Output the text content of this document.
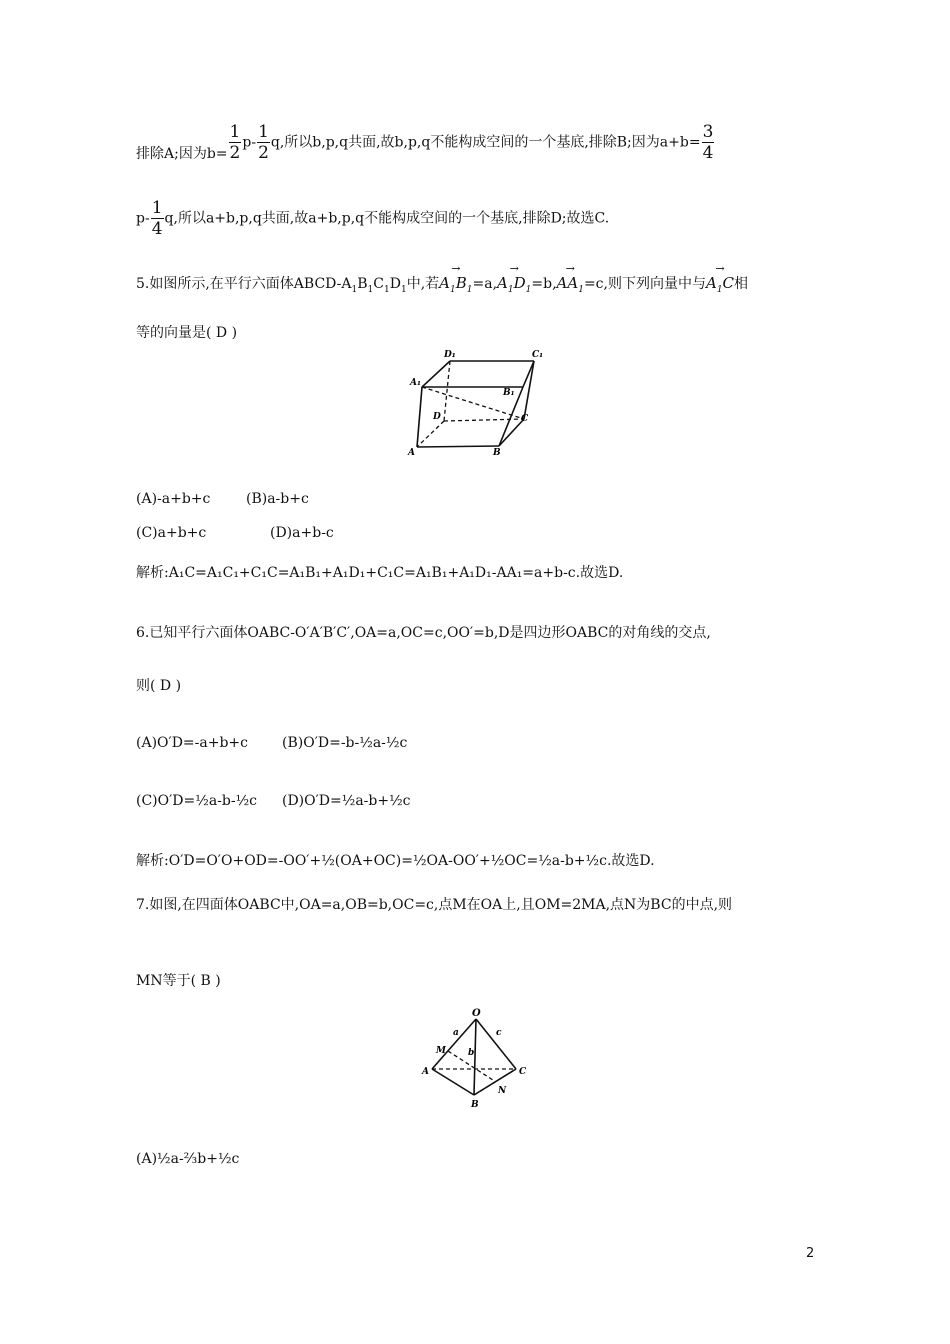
排除A;因为$b= \frac{1}{2} p- \frac{1}{2} q$,所以b,p,q共面,故b,p,q不能构成空间的一个基底,排除B;因为$a+b= \frac{3}{4}$
$p- \frac{1}{4} q$,所以a+b,p,q共面,故a+b,p,q不能构成空间的一个基底,排除D;故选C.
5.如图所示,在平行六面体ABCD-$A_1B_1C_1D_1$中,若→ $A_1B_1=a,\to A_1D_1=b,\to AA_1=c$,则下列向量中与→ $A_1C$相
等的向量是( D )
D₁	C₁
A₁
B₁
D	C
A	B
(A)-a+b+c	(B)a-b+c
(C)a+b+c	(D)a+b-c
解析:A₁C=A₁C₁+C₁C=A₁B₁+A₁D₁+C₁C=A₁B₁+A₁D₁-AA₁=a+b-c.故选D.
6.已知平行六面体OABC-O′A′B′C′,OA=a,OC=c,OO′=b,D是四边形OABC的对角线的交点,
则( D )
(A)O′D=-a+b+c (B)O′D=-b-½a-½c
(C)O′D=½a-b-½c (D)O′D=½a-b+½c
解析:O′D=O′O+OD=-OO′+½(OA+OC)=½OA-OO′+½OC=½a-b+½c.故选D.
7.如图,在四面体OABC中,OA=a,OB=b,OC=c,点M在OA上,且OM=2MA,点N为BC的中点,则
MN等于( B )
O
a	c
M b
A	C
N
B
(A)½a-⅔b+½c
2
